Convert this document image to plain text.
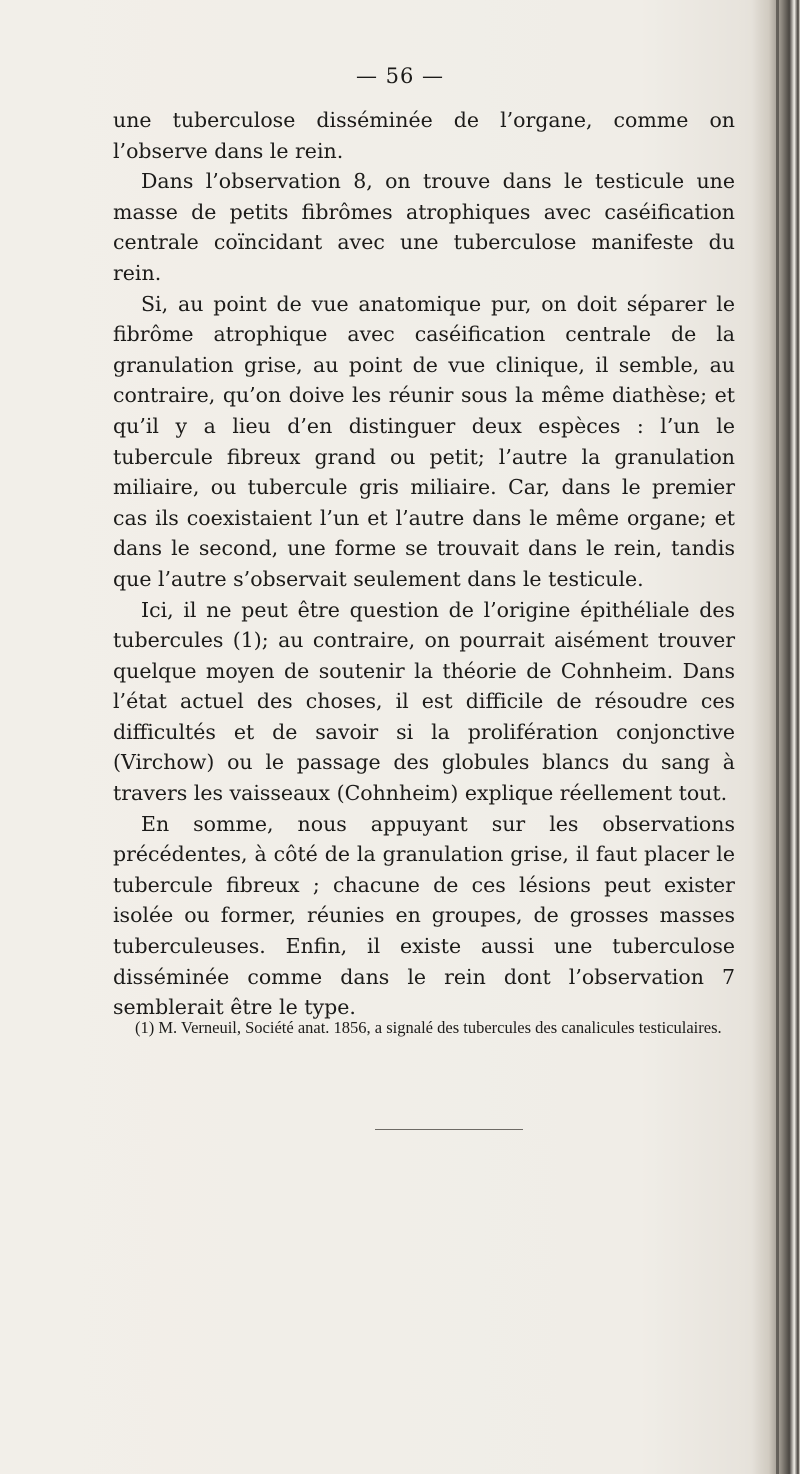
— 56 —

une tuberculose disséminée de l’organe, comme on l’observe dans le rein.

Dans l’observation 8, on trouve dans le testicule une masse de petits fibrômes atrophiques avec caséification centrale coïncidant avec une tuberculose manifeste du rein.

Si, au point de vue anatomique pur, on doit séparer le fibrôme atrophique avec caséification centrale de la granulation grise, au point de vue clinique, il semble, au contraire, qu’on doive les réunir sous la même diathèse; et qu’il y a lieu d’en distinguer deux espèces : l’un le tubercule fibreux grand ou petit; l’autre la granulation miliaire, ou tubercule gris miliaire. Car, dans le premier cas ils coexistaient l’un et l’autre dans le même organe; et dans le second, une forme se trouvait dans le rein, tandis que l’autre s’observait seulement dans le testicule.

Ici, il ne peut être question de l’origine épithéliale des tubercules (1); au contraire, on pourrait aisément trouver quelque moyen de soutenir la théorie de Cohnheim. Dans l’état actuel des choses, il est difficile de résoudre ces difficultés et de savoir si la prolifération conjonctive (Virchow) ou le passage des globules blancs du sang à travers les vaisseaux (Cohnheim) explique réellement tout.

En somme, nous appuyant sur les observations précédentes, à côté de la granulation grise, il faut placer le tubercule fibreux ; chacune de ces lésions peut exister isolée ou former, réunies en groupes, de grosses masses tuberculeuses. Enfin, il existe aussi une tuberculose disséminée comme dans le rein dont l’observation 7 semblerait être le type.

(1) M. Verneuil, Société anat. 1856, a signalé des tubercules des canalicules testiculaires.
